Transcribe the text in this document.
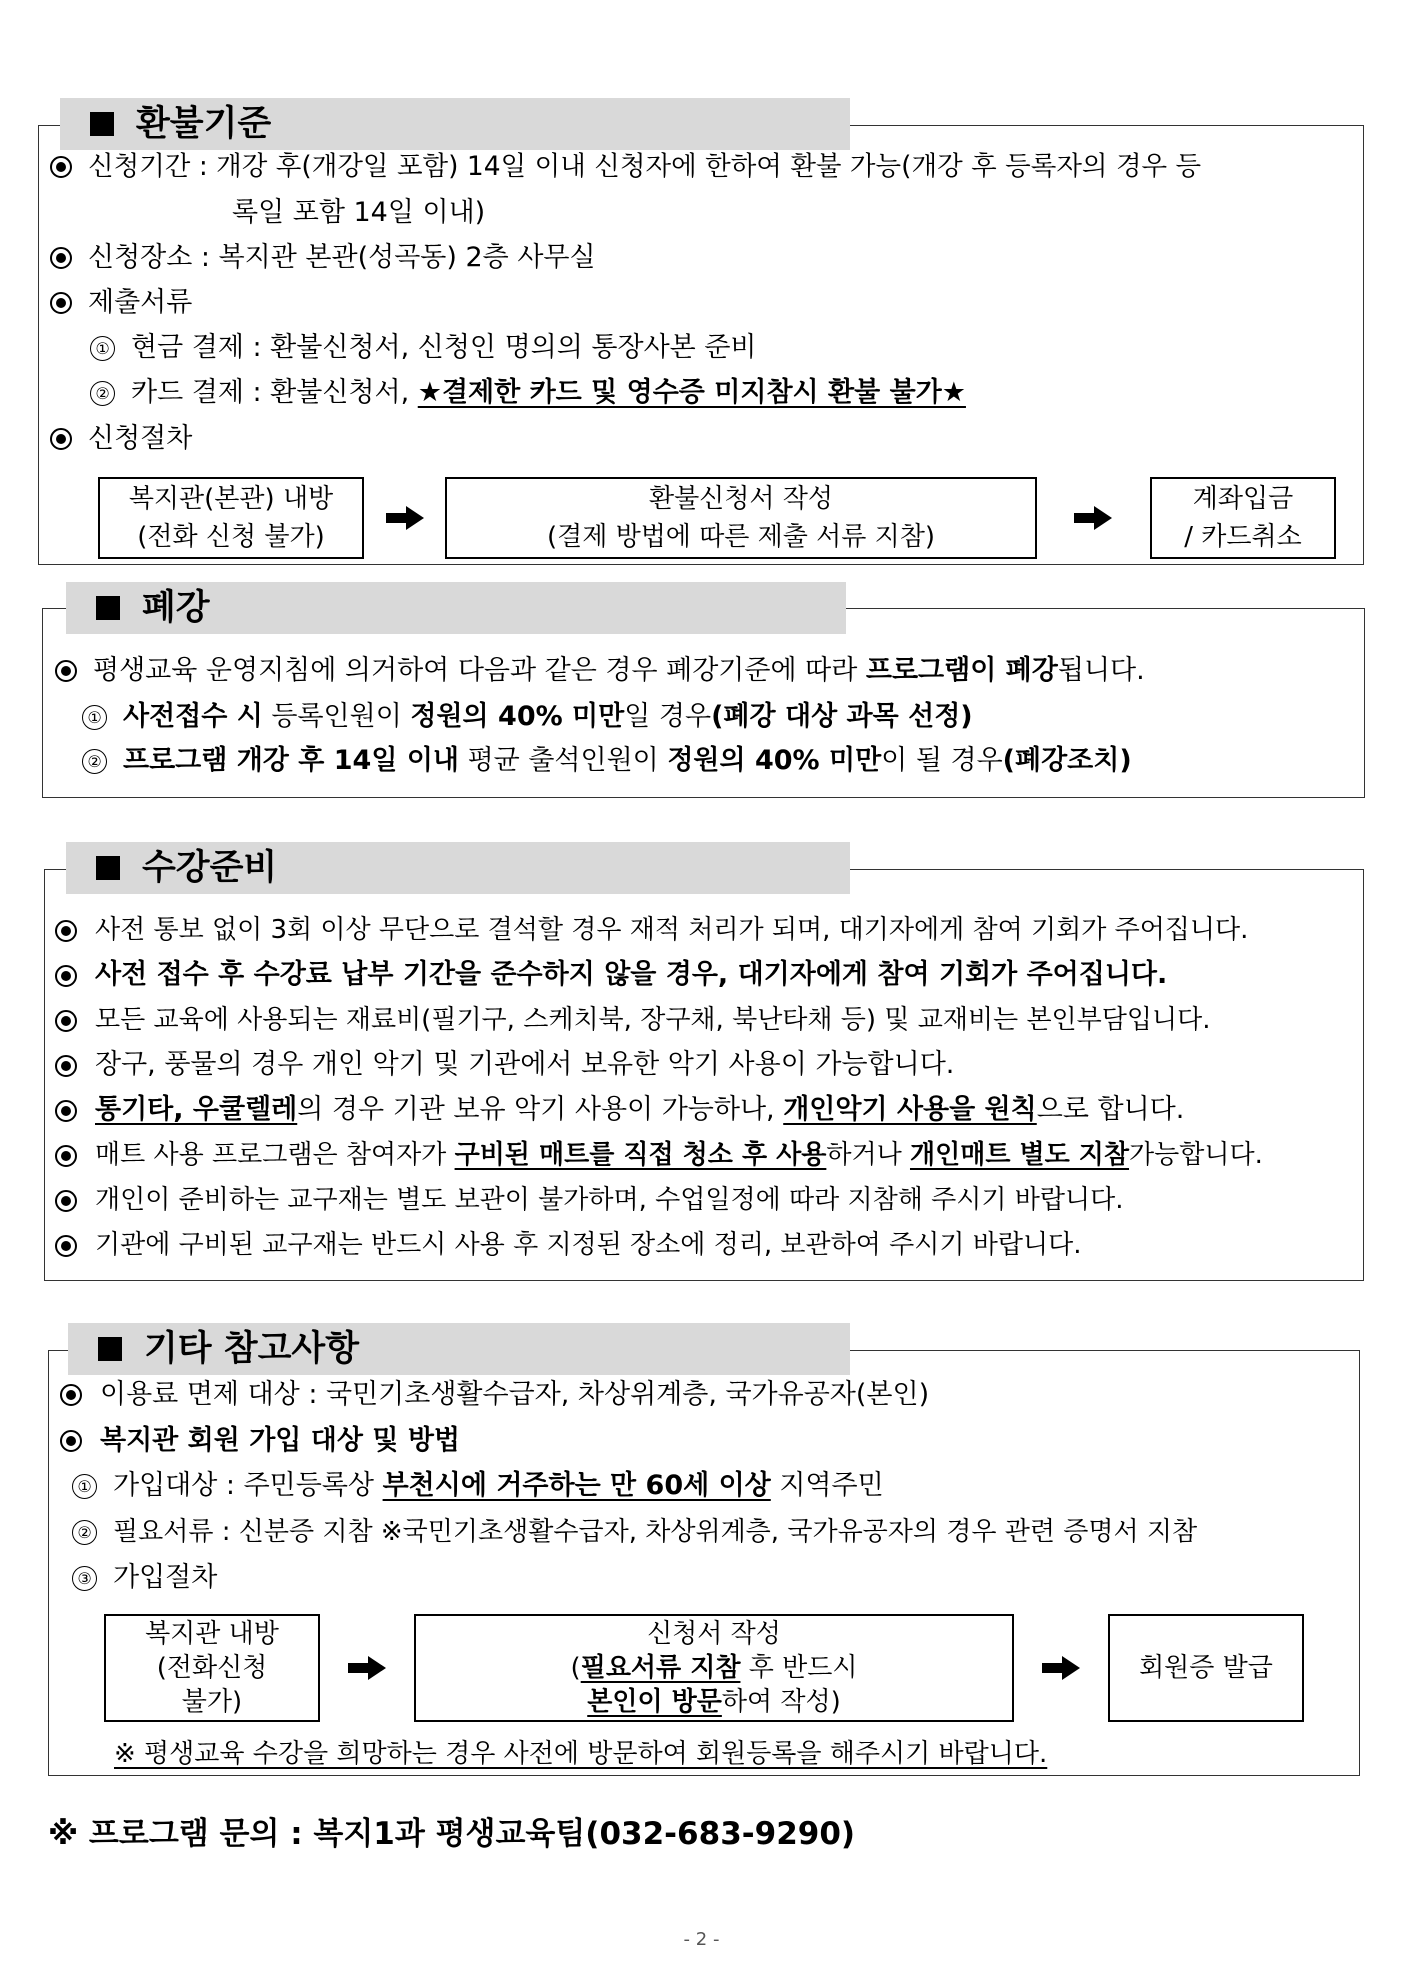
환불기준
신청기간 : 개강 후(개강일 포함) 14일 이내 신청자에 한하여 환불 가능(개강 후 등록자의 경우 등
록일 포함 14일 이내)
신청장소 : 복지관 본관(성곡동) 2층 사무실
제출서류
① 현금 결제 : 환불신청서, 신청인 명의의 통장사본 준비
② 카드 결제 : 환불신청서, ★결제한 카드 및 영수증 미지참시 환불 불가★
신청절차
복지관(본관) 내방
(전화 신청 불가)
환불신청서 작성
(결제 방법에 따른 제출 서류 지참)
계좌입금
/ 카드취소
폐강
평생교육 운영지침에 의거하여 다음과 같은 경우 폐강기준에 따라 프로그램이 폐강됩니다.
① 사전접수 시 등록인원이 정원의 40% 미만일 경우(폐강 대상 과목 선정)
② 프로그램 개강 후 14일 이내 평균 출석인원이 정원의 40% 미만이 될 경우(폐강조치)
수강준비
사전 통보 없이 3회 이상 무단으로 결석할 경우 재적 처리가 되며, 대기자에게 참여 기회가 주어집니다.
사전 접수 후 수강료 납부 기간을 준수하지 않을 경우, 대기자에게 참여 기회가 주어집니다.
모든 교육에 사용되는 재료비(필기구, 스케치북, 장구채, 북난타채 등) 및 교재비는 본인부담입니다.
장구, 풍물의 경우 개인 악기 및 기관에서 보유한 악기 사용이 가능합니다.
통기타, 우쿨렐레의 경우 기관 보유 악기 사용이 가능하나, 개인악기 사용을 원칙으로 합니다.
매트 사용 프로그램은 참여자가 구비된 매트를 직접 청소 후 사용하거나 개인매트 별도 지참가능합니다.
개인이 준비하는 교구재는 별도 보관이 불가하며, 수업일정에 따라 지참해 주시기 바랍니다.
기관에 구비된 교구재는 반드시 사용 후 지정된 장소에 정리, 보관하여 주시기 바랍니다.
기타 참고사항
이용료 면제 대상 : 국민기초생활수급자, 차상위계층, 국가유공자(본인)
복지관 회원 가입 대상 및 방법
① 가입대상 : 주민등록상 부천시에 거주하는 만 60세 이상 지역주민
② 필요서류 : 신분증 지참 ※국민기초생활수급자, 차상위계층, 국가유공자의 경우 관련 증명서 지참
③ 가입절차
복지관 내방
(전화신청
불가)
신청서 작성
(필요서류 지참 후 반드시
본인이 방문하여 작성)
회원증 발급
※ 평생교육 수강을 희망하는 경우 사전에 방문하여 회원등록을 해주시기 바랍니다.
※ 프로그램 문의 : 복지1과 평생교육팀(032-683-9290)
- 2 -
